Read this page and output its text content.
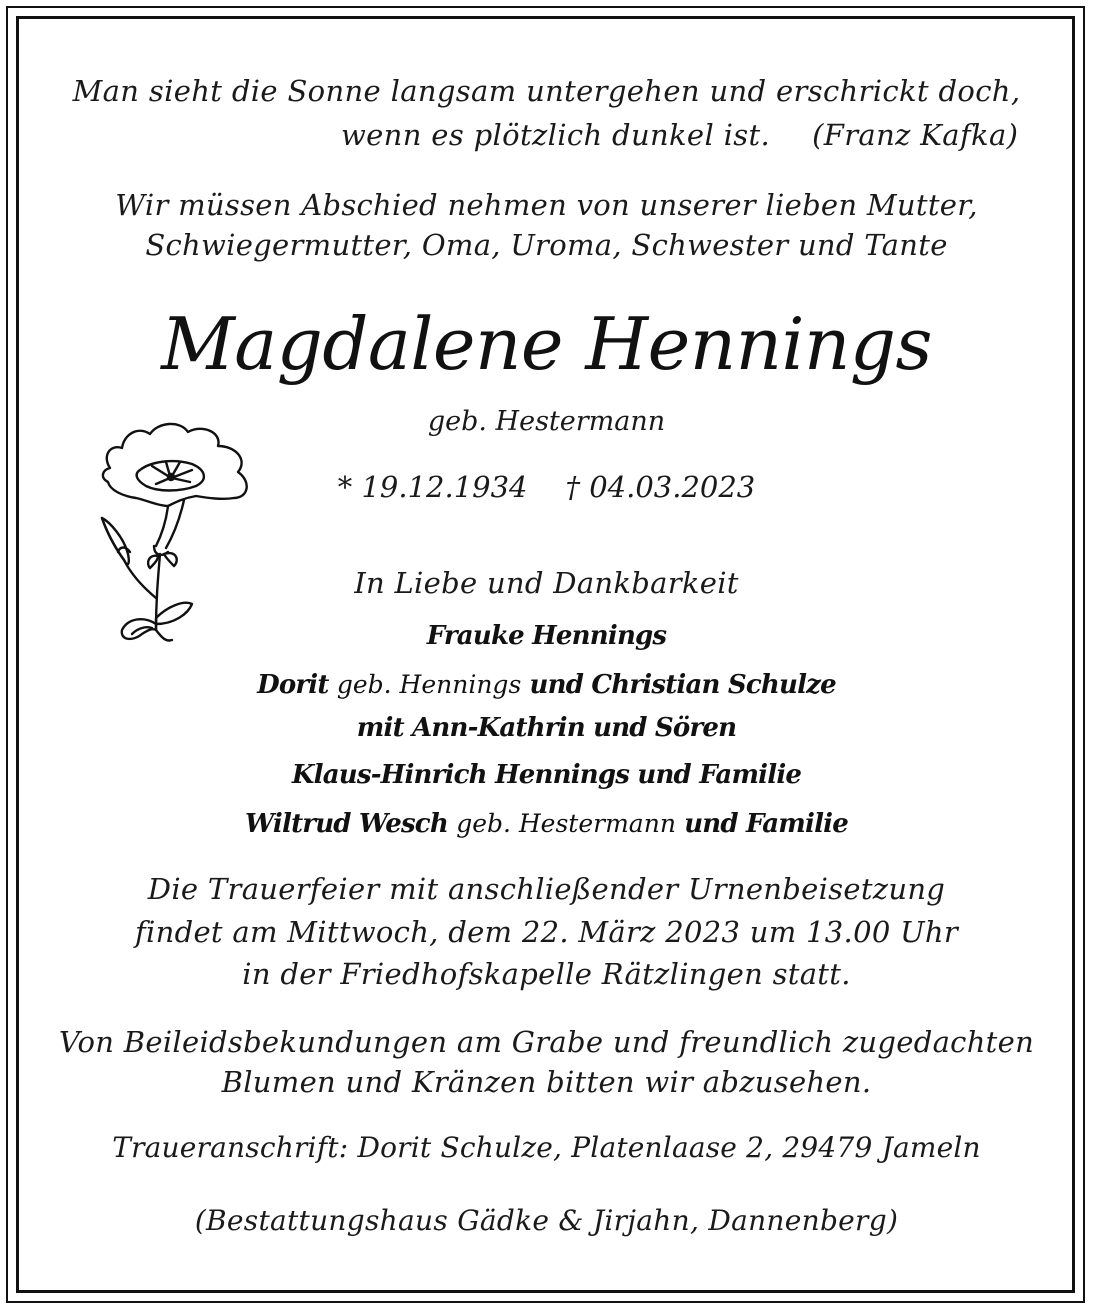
Man sieht die Sonne langsam untergehen und erschrickt doch,
wenn es plötzlich dunkel ist. (Franz Kafka)
Wir müssen Abschied nehmen von unserer lieben Mutter,
Schwiegermutter, Oma, Uroma, Schwester und Tante
Magdalene Hennings
geb. Hestermann
* 19.12.1934 † 04.03.2023
In Liebe und Dankbarkeit
Frauke Hennings
Dorit geb. Hennings und Christian Schulze
mit Ann-Kathrin und Sören
Klaus-Hinrich Hennings und Familie
Wiltrud Wesch geb. Hestermann und Familie
Die Trauerfeier mit anschließender Urnenbeisetzung
findet am Mittwoch, dem 22. März 2023 um 13.00 Uhr
in der Friedhofskapelle Rätzlingen statt.
Von Beileidsbekundungen am Grabe und freundlich zugedachten
Blumen und Kränzen bitten wir abzusehen.
Traueranschrift: Dorit Schulze, Platenlaase 2, 29479 Jameln
(Bestattungshaus Gädke & Jirjahn, Dannenberg)
